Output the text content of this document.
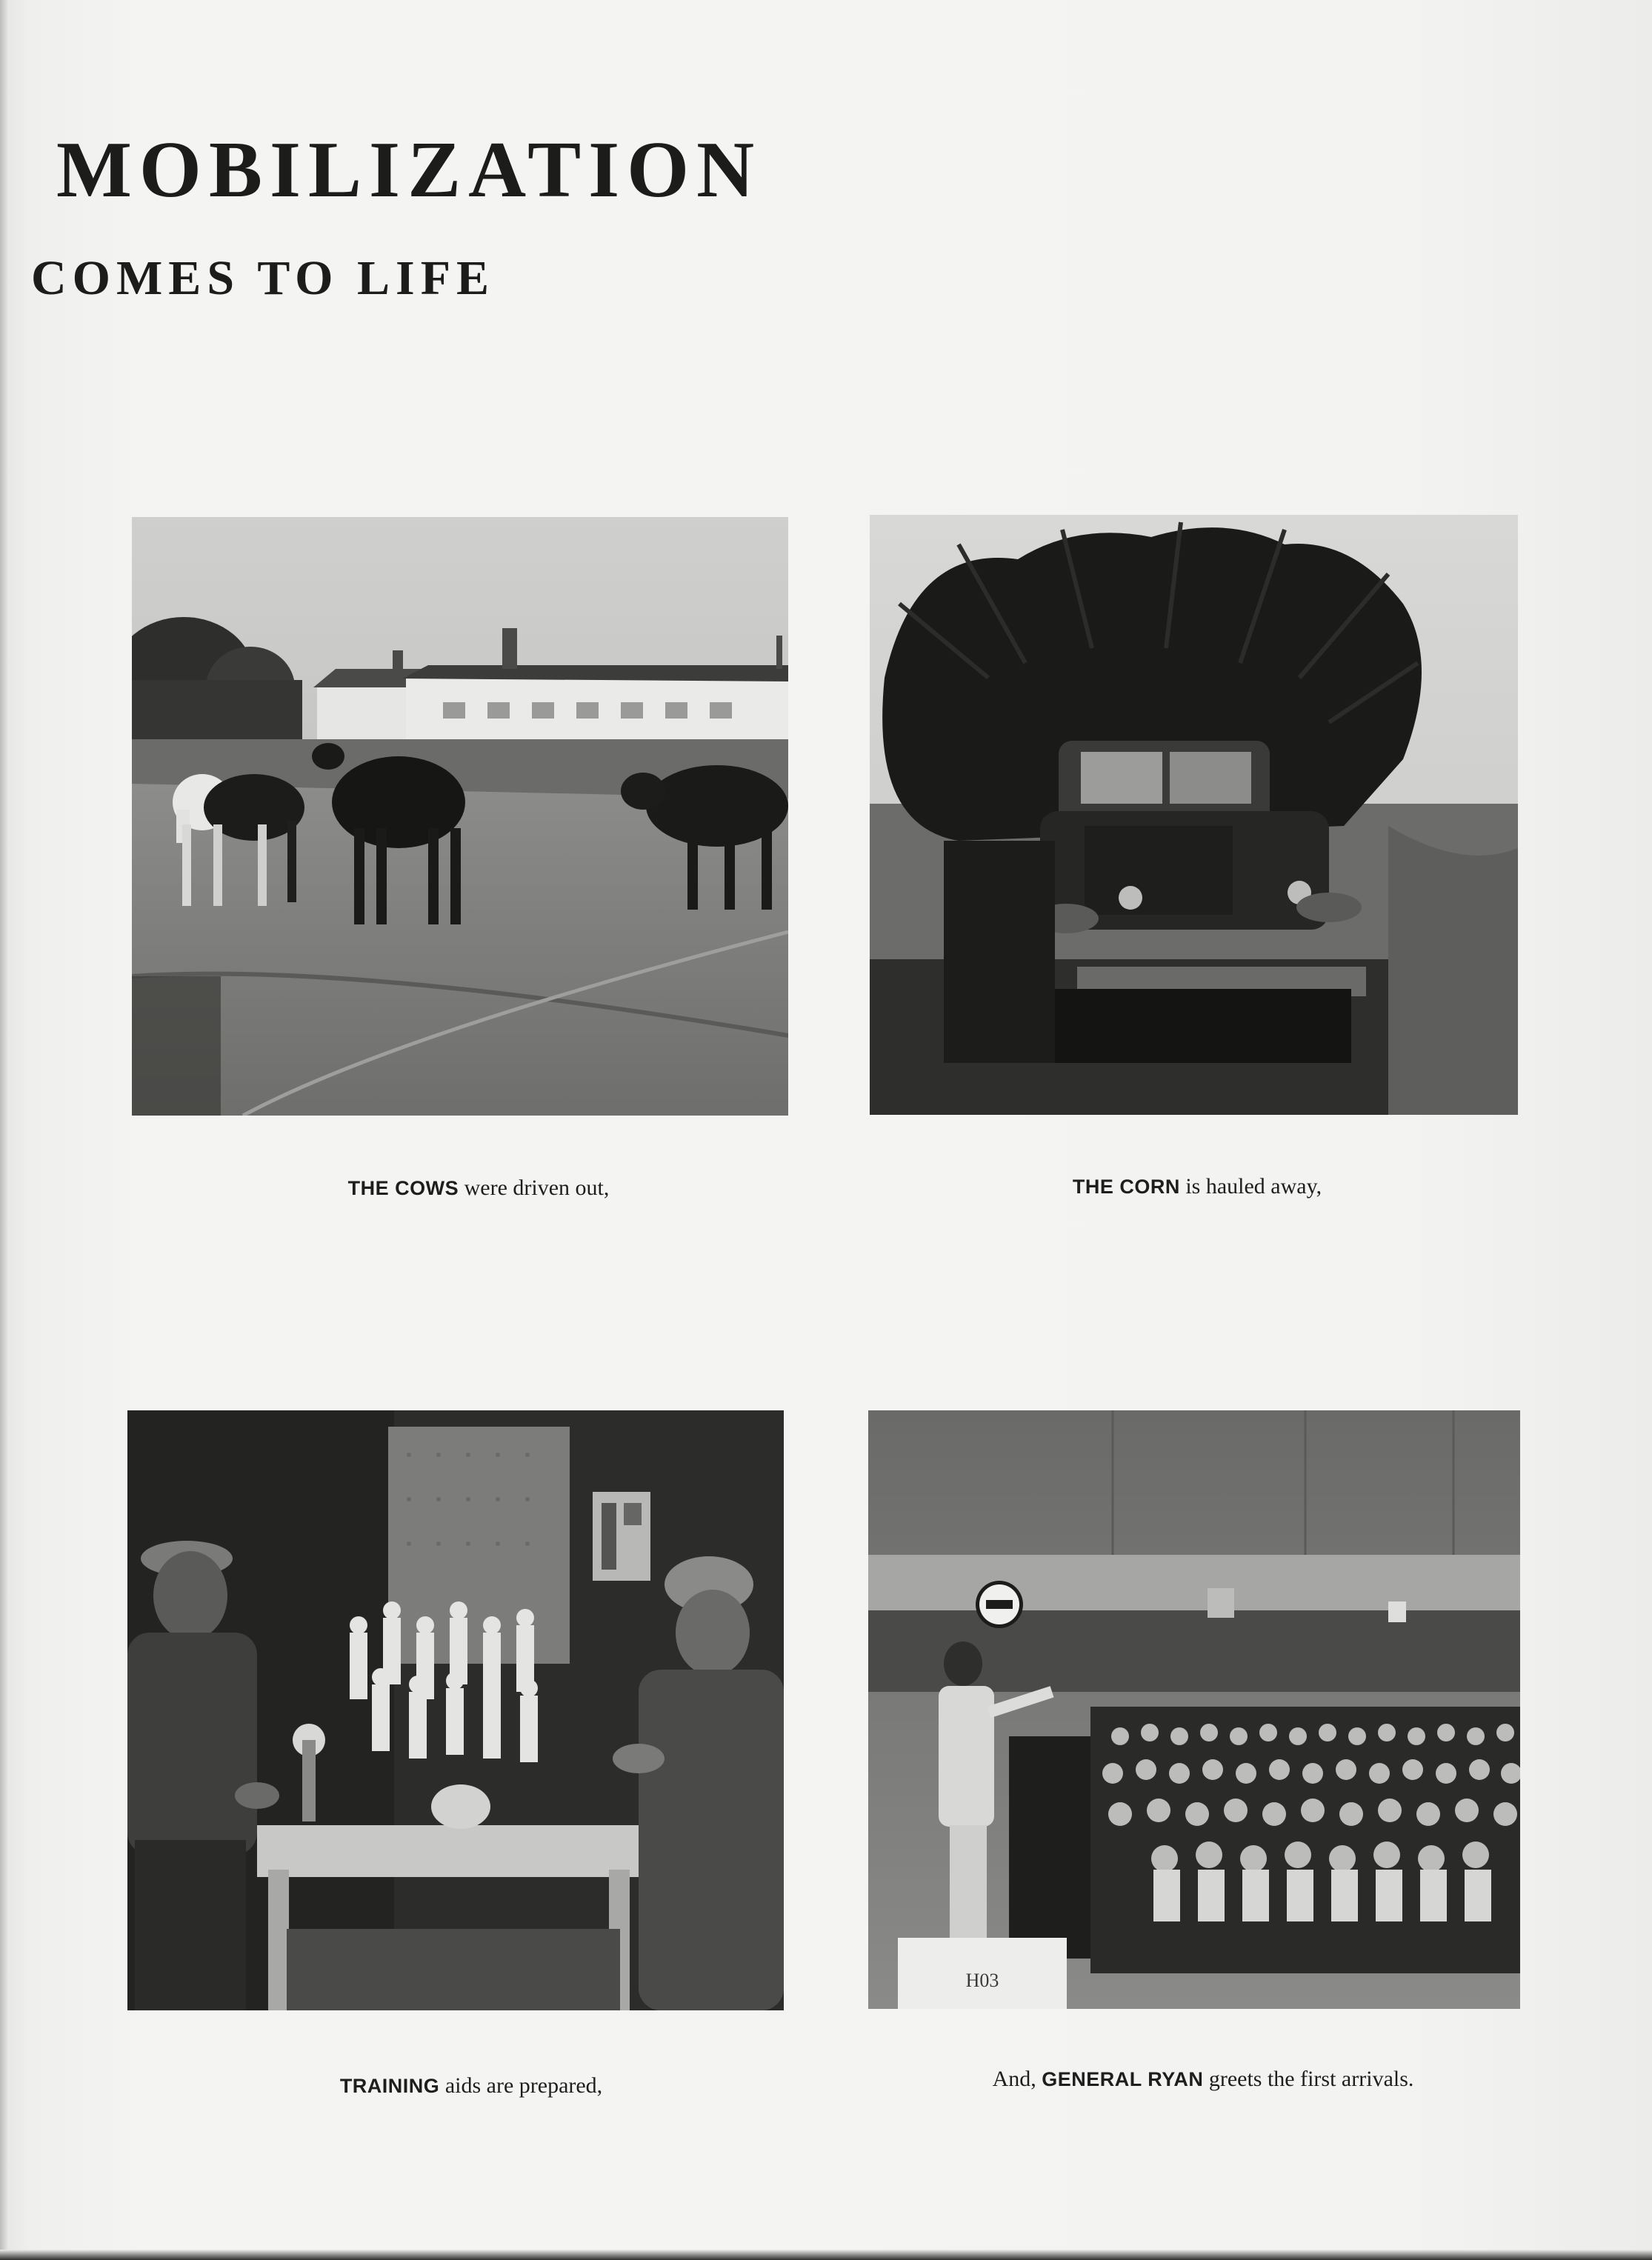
MOBILIZATION
COMES TO LIFE
H03
THE COWS were driven out,	THE CORN is hauled away,
TRAINING aids are prepared,	And, GENERAL RYAN greets the first arrivals.
